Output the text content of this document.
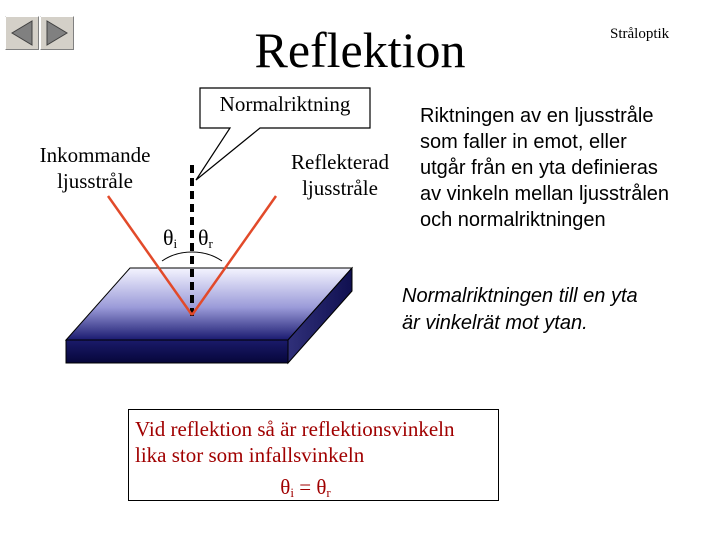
Reflektion	Stråloptik
Normalriktning
Inkommande
ljusstråle
Reflekterad
ljusstråle
$\theta_i$ $\theta_r$
Riktningen av en ljusstråle
som faller in emot, eller
utgår från en yta definieras
av vinkeln mellan ljusstrålen
och normalriktningen
Normalriktningen till en yta
är vinkelrät mot ytan.
Vid reflektion så är reflektionsvinkeln
lika stor som infallsvinkeln
$\theta_i = \theta_r$
